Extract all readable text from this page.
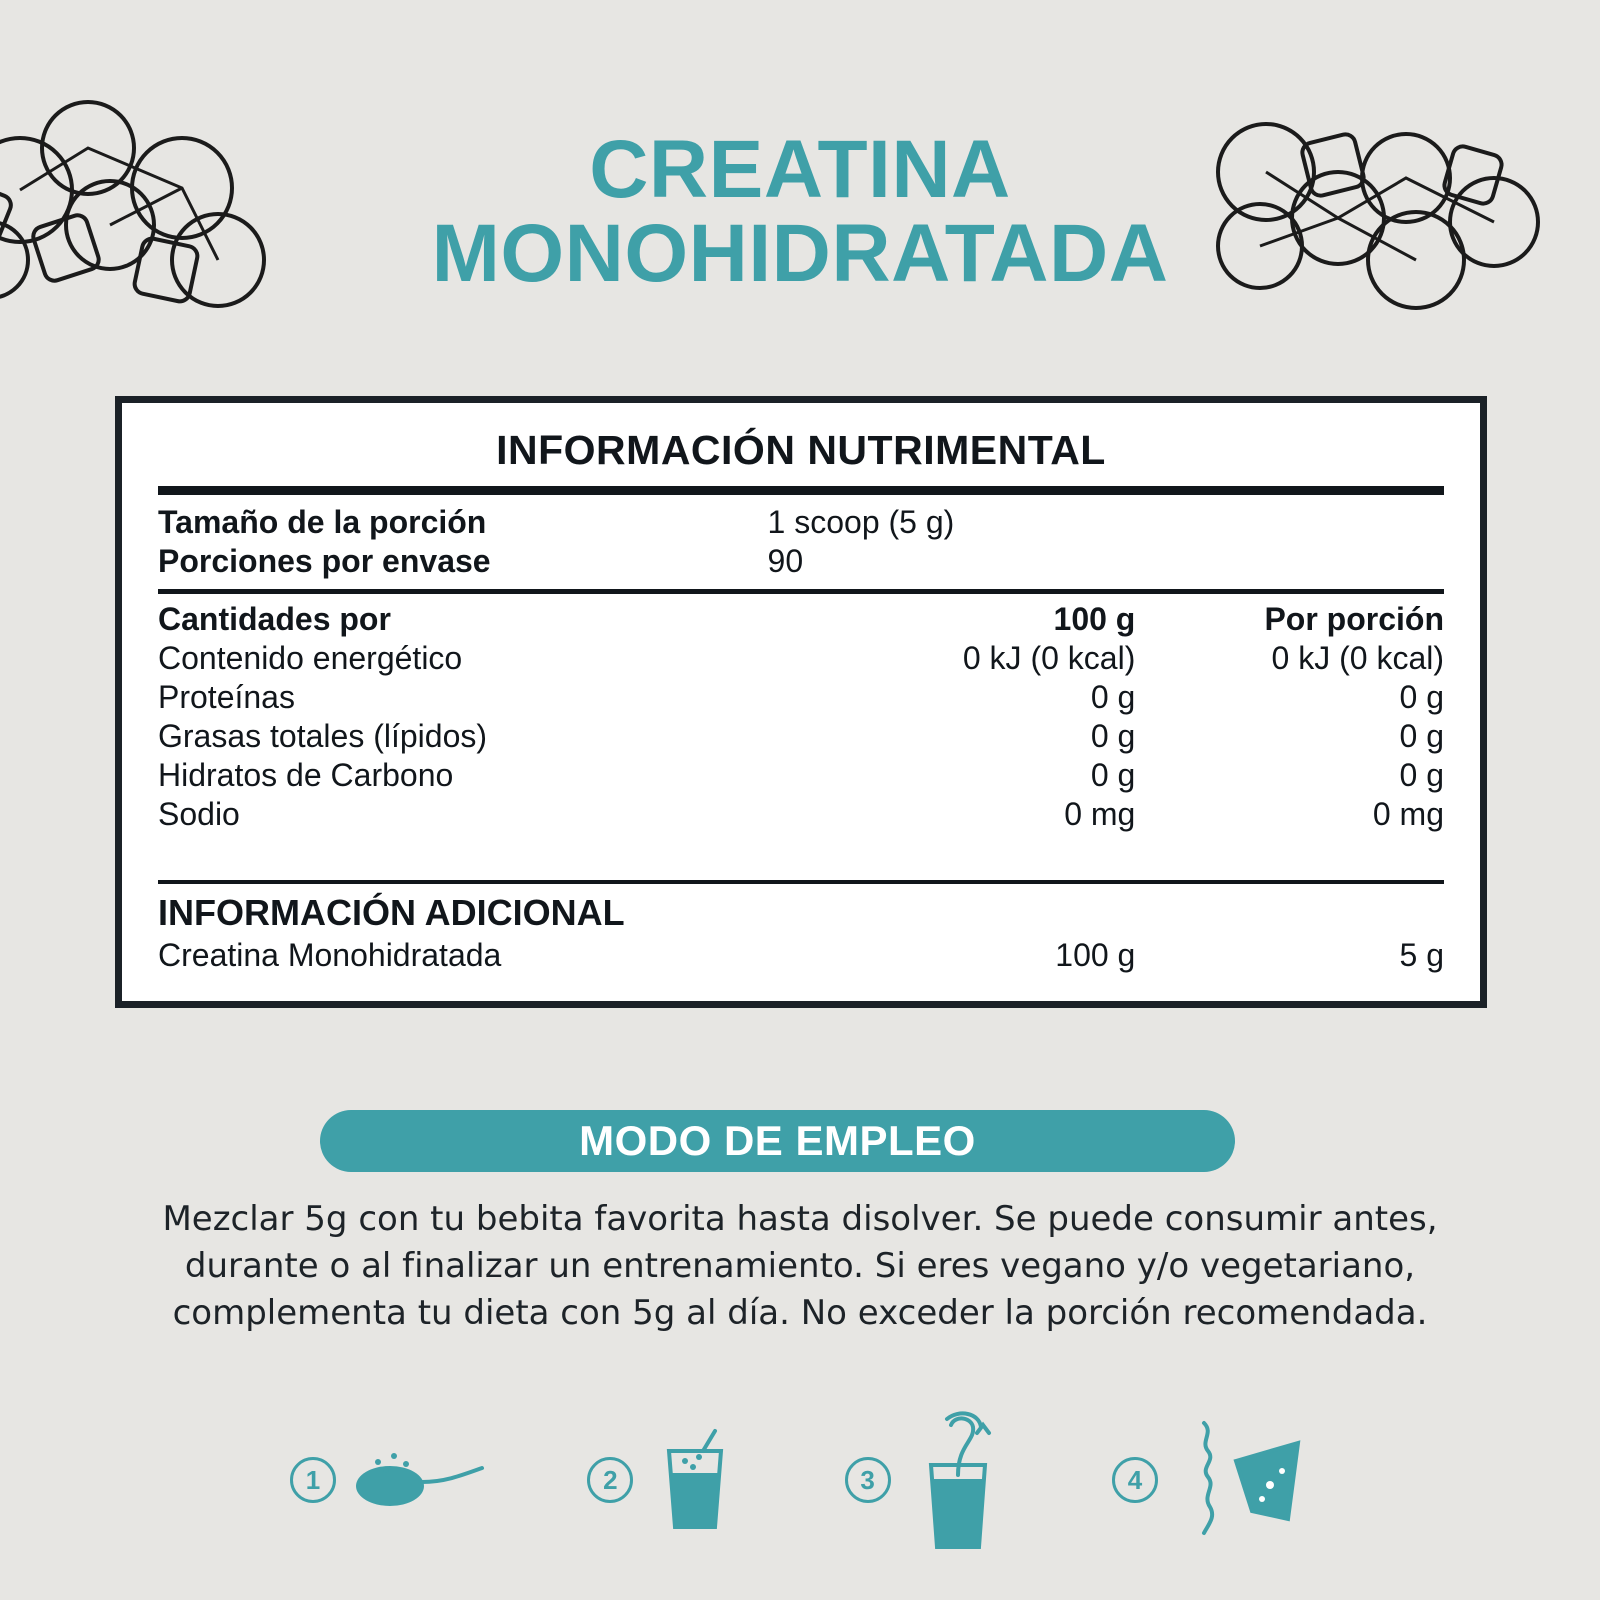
CREATINA
MONOHIDRATADA
INFORMACIÓN NUTRIMENTAL
Tamaño de la porción	1 scoop (5 g)	
Porciones por envase	90	
Cantidades por	100 g	Por porción
Contenido energético	0 kJ (0 kcal)	0 kJ (0 kcal)
Proteínas	0 g	0 g
Grasas totales (lípidos)	0 g	0 g
Hidratos de Carbono	0 g	0 g
Sodio	0 mg	0 mg

INFORMACIÓN ADICIONAL
Creatina Monohidratada	100 g	5 g
MODO DE EMPLEO
Mezclar 5g con tu bebita favorita hasta disolver. Se puede consumir antes, durante o al finalizar un entrenamiento. Si eres vegano y/o vegetariano, complementa tu dieta con 5g al día. No exceder la porción recomendada.
1	2	3	4
